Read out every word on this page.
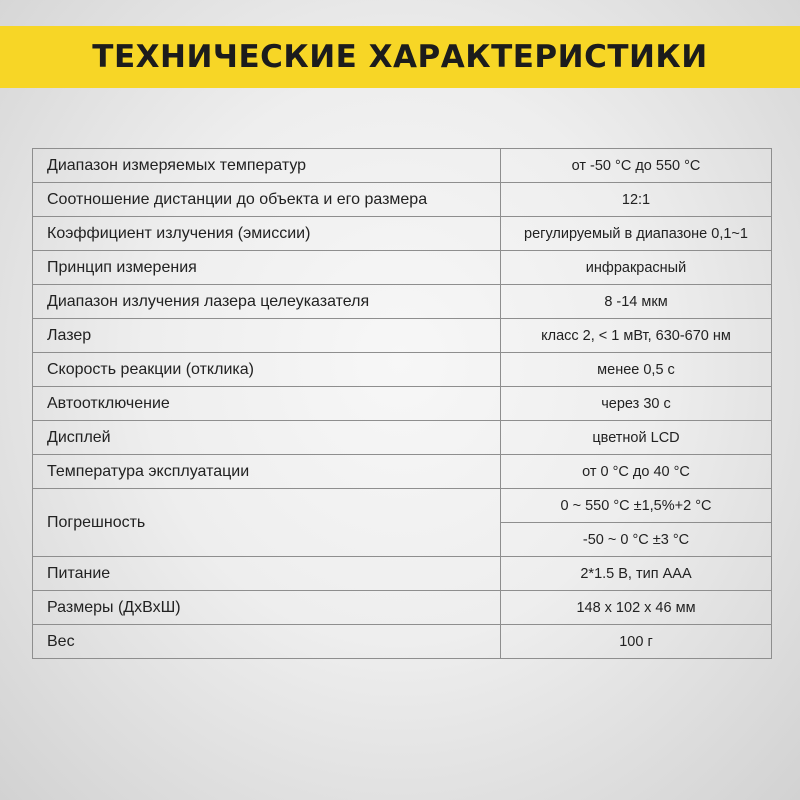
ТЕХНИЧЕСКИЕ ХАРАКТЕРИСТИКИ
Диапазон измеряемых температур	от -50 °С до 550 °С
Соотношение дистанции до объекта и его размера	12:1
Коэффициент излучения (эмиссии)	регулируемый в диапазоне 0,1~1
Принцип измерения	инфракрасный
Диапазон излучения лазера целеуказателя	8 -14 мкм
Лазер	класс 2, < 1 мВт, 630-670 нм
Скорость реакции (отклика)	менее 0,5 с
Автоотключение	через 30 с
Дисплей	цветной LCD
Температура эксплуатации	от 0 °С до 40 °С
Погрешность	0 ~ 550 °С ±1,5%+2 °С
	-50 ~ 0 °С ±3 °С
Питание	2*1.5 В, тип ААА
Размеры (ДхВхШ)	148 х 102 х 46 мм
Вес	100 г
